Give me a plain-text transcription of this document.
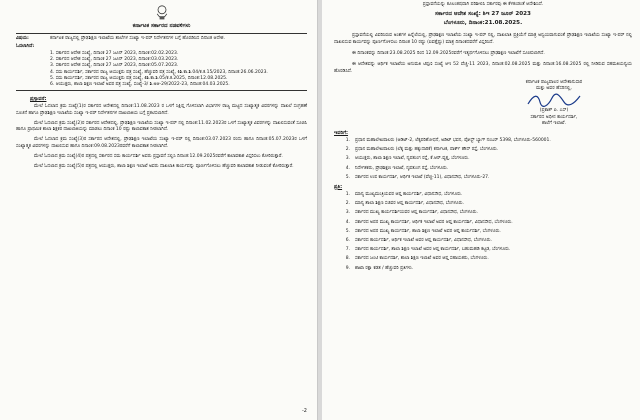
ಕರ್ನಾಟಕ ಸರ್ಕಾರದ ನಡವಳಿಗಳು
ವಿಷಯ:	ಕರ್ನಾಟಕ ರಾಜ್ಯದಲ್ಲಿ ಪ್ರೌಢಶಿಕ್ಷಣ ಇಲಾಖೆಯ ಶಾಲೆಗಳ ಸಂಖ್ಯಾ ಇ-ಪರ್ ನಿರ್ದೇಶನಗಳ ಬಗ್ಗೆ ಹೊರಡಿಸಿದ ದಿನಾಂಕ ಆದೇಶ.
ಓದಲಾಗಿದೆ:
1. ಸರ್ಕಾರದ ಆದೇಶ ಸಂಖ್ಯೆ, ದಿನಾಂಕ 27 ಜೂನ್ 2023, ದಿನಾಂಕ:02.02.2023.
2. ಸರ್ಕಾರದ ಆದೇಶ ಸಂಖ್ಯೆ, ದಿನಾಂಕ 27 ಜೂನ್ 2023, ದಿನಾಂಕ:03.03.2023.
3. ಸರ್ಕಾರದ ಆದೇಶ ಸಂಖ್ಯೆ, ದಿನಾಂಕ 27 ಜೂನ್ 2023, ದಿನಾಂಕ:05.07.2023.
4. ಸಮ ಕಾರ್ಯದರ್ಶಿ, ಸರ್ಕಾರದ ರಾಜ್ಯ ಆಯುಕ್ತರು ಪತ್ರ ಸಂಖ್ಯೆ, ಹೆಚ್ಚುವರಿ ಪತ್ರ ಸಂಖ್ಯೆ, ಕಿಶಿ.ಕಾ.ಶಿ.04/ಕ.ಕ.15/2023, ದಿನಾಂಕ:26.06.2023.
5. ಸಮ ಕಾರ್ಯದರ್ಶಿ, ಸರ್ಕಾರದ ರಾಜ್ಯ ಆಯುಕ್ತರು ಪತ್ರ ಸಂಖ್ಯೆ, ಕಿಶಿ.ಕಾ.ಶಿ.05/ಕ.ಕ.2025, ದಿನಾಂಕ:12.08.2025.
6. ಆಯುಕ್ತರು, ಶಾಲಾ ಶಿಕ್ಷಣ ಇಲಾಖೆ ಅವರ ಪತ್ರ ಸಂಖ್ಯೆ, ಸಂಖ್ಯೆ-3/ ಶಿ.ಅಆ-29/2022-23, ದಿನಾಂಕ:04.03.2025.
ಪ್ರಸ್ತಾವನೆ:

ಮೇಲೆ ಓದಲಾದ ಕ್ರಮ ಸಂಖ್ಯೆ(1)ರ ಸರ್ಕಾರದ ಆದೇಶದಲ್ಲಿ ದಿನಾಂಕ:11.08.2023 ರ ಒಳಗೆ ಸಿಕ್ಷಿಪ್ತ ಗೊಳಿಸಲಾಗಿ ವಿಭಾಗಗಳ ರಾಜ್ಯ ಮಟ್ಟದ ಸಂಖ್ಯಾತ್ಮಕ ವಿವರಗಳನ್ನು ದಾಖಲೆ ಸಂಗ್ರಹಣೆ ಸೂಚನೆ ಹಾಗೂ ಪ್ರೌಢಶಿಕ್ಷಣ ಇಲಾಖೆಯ ಸಂಖ್ಯಾ ಇ-ಪರ್ ನಿರ್ದೇಶನಗಳ ದಾಖಲಾತಿಯ ಬಗ್ಗೆ ಪ್ರಕಟಿಸಲಾಗಿದೆ.

ಮೇಲೆ ಓದಲಾದ ಕ್ರಮ ಸಂಖ್ಯೆ(2)ರ ಸರ್ಕಾರದ ಆದೇಶದಲ್ಲಿ, ಪ್ರೌಢಶಿಕ್ಷಣ ಇಲಾಖೆಯ ಸಂಖ್ಯಾ ಇ-ಪರ್ ನಲ್ಲಿ ದಿನಾಂಕ:11.02.2023ರ ಒಳಗೆ ಸಂಖ್ಯಾತ್ಮಕ ವಿವರಗಳನ್ನು ದಾಖಲಿಸುವಂತೆ ಸೂಚಿಸಿ ಹಾಗೂ ಪ್ರಾಥಮಿಕ ಶಾಲಾ ಶಿಕ್ಷಕರ ದಾಖಲಾತಿಯನ್ನು ಮಾಡಲು ದಿನಾಂಕ 10 ರಷ್ಟು ಕಾಲಾವಕಾಶ ನೀಡಲಾಗಿದೆ.

ಮೇಲೆ ಓದಲಾದ ಕ್ರಮ ಸಂಖ್ಯೆ(3)ರ ಸರ್ಕಾರದ ಆದೇಶದಲ್ಲಿ, ಪ್ರೌಢಶಿಕ್ಷಣ ಇಲಾಖೆಯ ಸಂಖ್ಯಾ ಇ-ಪರ್ ನಲ್ಲಿ ದಿನಾಂಕ:03.07.2023 ರಂದು ಹಾಗೂ ದಿನಾಂಕ:05.07.2023ರ ಒಳಗೆ ಸಂಖ್ಯಾತ್ಮಕ ವಿವರಗಳನ್ನು ದಾಖಲಿಸುವ ಹಾಗೂ ದಿನಾಂಕ:09.08.2023ರವರೆಗೆ ಕಾಲಾವಕಾಶ ನೀಡಲಾಗಿದೆ.

ಮೇಲೆ ಓದಲಾದ ಕ್ರಮ ಸಂಖ್ಯೆ(4)ರ ಪತ್ರದಲ್ಲಿ ಸರ್ಕಾರದ ಸಮ ಕಾರ್ಯದರ್ಶಿ ಅವರು ಪ್ರಸ್ತಾವನೆ ಸಲ್ಲಿಸಿ ದಿನಾಂಕ:12.09.2025ರವರೆಗೆ ಕಾಲಾವಕಾಶ ವಿಸ್ತರಿಸಲು ಕೋರಿರುತ್ತಾರೆ.

ಮೇಲೆ ಓದಲಾದ ಕ್ರಮ ಸಂಖ್ಯೆ(5)ರ ಪತ್ರದಲ್ಲಿ ಆಯುಕ್ತರು, ಶಾಲಾ ಶಿಕ್ಷಣ ಇಲಾಖೆ ಅವರು ದಾಖಲಾತಿ ಕಾರ್ಯವನ್ನು ಪೂರ್ಣಗೊಳಿಸಲು ಹೆಚ್ಚುವರಿ ಕಾಲಾವಕಾಶ ನೀಡುವಂತೆ ಕೋರಿರುತ್ತಾರೆ.

-2
ಪ್ರಸ್ತಾವನೆಯನ್ನು ಕೂಲಂಕಷವಾಗಿ ಪರಿಶೀಲಿಸಿ ಸರ್ಕಾರವು ಈ ಕೆಳಕಂಡಂತೆ ಆದೇಶಿಸಿದೆ.
ಸರ್ಕಾರದ ಆದೇಶ ಸಂಖ್ಯೆ: ಶಿಇ 27 ಜೂನ್ 2023
ಬೆಂಗಳೂರು, ದಿನಾಂಕ:21.08.2025.

ಪ್ರಸ್ತಾವನೆಯಲ್ಲಿ ವಿವರಿಸಿರುವ ಅಂಶಗಳ ಹಿನ್ನೆಲೆಯಲ್ಲಿ, ಪ್ರೌಢಶಿಕ್ಷಣ ಇಲಾಖೆಯ ಸಂಖ್ಯಾ ಇ-ಪರ್ ನಲ್ಲಿ, ದಾಖಲಾತಿ ಪ್ರಕ್ರಿಯೆಗೆ ಮಾತ್ರ ಅನ್ವಯವಾಗುವಂತೆ ಪ್ರೌಢಶಿಕ್ಷಣ ಇಲಾಖೆಯ ಸಂಖ್ಯಾ ಇ-ಪರ್ ನಲ್ಲಿ ದಾಖಲಿಸುವ ಕಾರ್ಯವನ್ನು ಪೂರ್ಣಗೊಳಿಸಲು ದಿನಾಂಕ 10 ರಷ್ಟು (ಐವತ್ತೆಷ್ಟು) ಮಾತ್ರ ದಿನಾಂಕದವರೆಗೆ ವಿಸ್ತರಿಸಿದೆ.

ಈ ದಿನಾಂಕವನ್ನು ದಿನಾಂಕ:23.08.2025 ರಿಂದ 12.09.2025ರವರೆಗೆ ಇತ್ಯರ್ಥಗೊಳಿಸಲು ಪ್ರೌಢಶಿಕ್ಷಣ ಇಲಾಖೆಗೆ ಸೂಚಿಸಲಾಗಿದೆ.

ಈ ಆದೇಶವನ್ನು ಆರ್ಥಿಕ ಇಲಾಖೆಯ ಅನುಮತಿ ಟಿಪ್ಪಣಿ ಸಂಖ್ಯೆ ಆಇ 52 ವೆಚ್ಚ-11 2023, ದಿನಾಂಕ:02.08.2025 ಮತ್ತು ದಿನಾಂಕ:16.08.2025 ರಲ್ಲಿ ನೀಡಿರುವ ಸಹಮತಿಯನ್ವಯ ಹೊರಡಿಸಿದೆ.

ಕರ್ನಾಟಕ ರಾಜ್ಯಪಾಲರ ಆದೇಶಾನುಸಾರ
ಮತ್ತು ಅವರ ಹೆಸರಿನಲ್ಲಿ,
(ಪ್ರಕಾಶ್ ಪಿ. ಎಸ್)
ಸರ್ಕಾರದ ಅಧೀನ ಕಾರ್ಯದರ್ಶಿ,
ಶಾಲೆಗೆ ಇಲಾಖೆ.
ಇವರಿಗೆ:
1.	ಪ್ರಧಾನ ಮಹಾಲೇಖಪಾಲರು (ಆಡಿಟ್-2, ಲೆಕ್ಕಪರಿಶೋಧನೆ, ಅಡಿಟ್ ಭವನ, ಪೋಸ್ಟ್ ಬ್ಯಾಗ್ ನಂಬರ್ 5398, ಬೆಂಗಳೂರು-560001.
2.	ಪ್ರಧಾನ ಮಹಾಲೇಖಪಾಲರು (ಲೆಕ್ಕ ಮತ್ತು ಹಕ್ಕುದಾರಿಕೆ) ಕರ್ನಾಟಕ, ಪಾರ್ಕ್ ಹೌಸ್ ರಸ್ತೆ, ಬೆಂಗಳೂರು.
3.	ಆಯುಕ್ತರು, ಶಾಲಾ ಶಿಕ್ಷಣ ಇಲಾಖೆ, ನೃಪತುಂಗ ರಸ್ತೆ, ಕೆ.ಆರ್.ವೃತ್ತ, ಬೆಂಗಳೂರು.
4.	ನಿರ್ದೇಶಕರು, ಪ್ರೌಢಶಿಕ್ಷಣ ಇಲಾಖೆ, ನೃಪತುಂಗ ರಸ್ತೆ, ಬೆಂಗಳೂರು.
5.	ಸರ್ಕಾರದ ಉಪ ಕಾರ್ಯದರ್ಶಿ, ಆರ್ಥಿಕ ಇಲಾಖೆ (ವೆಚ್ಚ-11), ವಿಧಾನಸೌಧ, ಬೆಂಗಳೂರು-27.
ಪ್ರತಿ:
1.	ಮಾನ್ಯ ಮುಖ್ಯಮಂತ್ರಿಯವರ ಆಪ್ತ ಕಾರ್ಯದರ್ಶಿ, ವಿಧಾನಸೌಧ, ಬೆಂಗಳೂರು.
2.	ಮಾನ್ಯ ಶಾಲಾ ಶಿಕ್ಷಣ ಸಚಿವರ ಆಪ್ತ ಕಾರ್ಯದರ್ಶಿ, ವಿಧಾನಸೌಧ, ಬೆಂಗಳೂರು.
3.	ಸರ್ಕಾರದ ಮುಖ್ಯ ಕಾರ್ಯದರ್ಶಿಯವರ ಆಪ್ತ ಕಾರ್ಯದರ್ಶಿ, ವಿಧಾನಸೌಧ, ಬೆಂಗಳೂರು.
4.	ಸರ್ಕಾರದ ಅಪರ ಮುಖ್ಯ ಕಾರ್ಯದರ್ಶಿ, ಆರ್ಥಿಕ ಇಲಾಖೆ ಅವರ ಆಪ್ತ ಕಾರ್ಯದರ್ಶಿ, ವಿಧಾನಸೌಧ, ಬೆಂಗಳೂರು.
5.	ಸರ್ಕಾರದ ಅಪರ ಮುಖ್ಯ ಕಾರ್ಯದರ್ಶಿ, ಶಾಲಾ ಶಿಕ್ಷಣ ಇಲಾಖೆ ಅವರ ಆಪ್ತ ಕಾರ್ಯದರ್ಶಿ, ಬೆಂಗಳೂರು.
6.	ಸರ್ಕಾರದ ಕಾರ್ಯದರ್ಶಿ, ಆರ್ಥಿಕ ಇಲಾಖೆ ಅವರ ಆಪ್ತ ಕಾರ್ಯದರ್ಶಿ, ವಿಧಾನಸೌಧ, ಬೆಂಗಳೂರು.
7.	ಸರ್ಕಾರದ ಕಾರ್ಯದರ್ಶಿ, ಶಾಲಾ ಶಿಕ್ಷಣ ಇಲಾಖೆ ಅವರ ಆಪ್ತ ಕಾರ್ಯದರ್ಶಿ, ಬಹುಮಹಡಿ ಕಟ್ಟಡ, ಬೆಂಗಳೂರು.
8.	ಸರ್ಕಾರದ ಜಂಟಿ ಕಾರ್ಯದರ್ಶಿ, ಶಾಲಾ ಶಿಕ್ಷಣ ಇಲಾಖೆ ಅವರ ಆಪ್ತ ಸಹಾಯಕರು, ಬೆಂಗಳೂರು.
9.	ಶಾಖಾ ರಕ್ಷಾ ಕಡತ / ಹೆಚ್ಚುವರಿ ಪ್ರತಿಗಳು.
